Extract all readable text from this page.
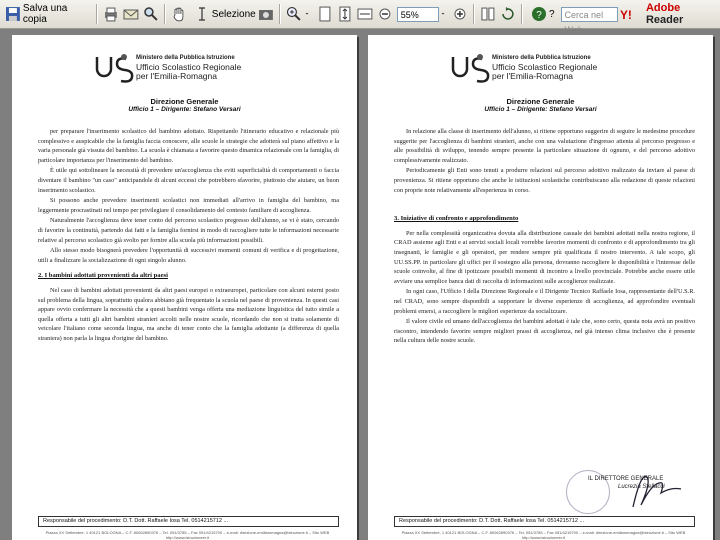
Salva una copia	Selezione	55%	? ?	Cerca nel	Y! Adobe Reader
Ministero della Pubblica Istruzione
Ufficio Scolastico Regionale
per l'Emilia-Romagna
Direzione Generale
Ufficio 1 – Dirigente: Stefano Versari

per preparare l'inserimento scolastico del bambino adottato. Rispettando l'itinerario educativo e relazionale più complessivo e auspicabile che la famiglia faccia conoscere, alle scuole le strategie che adotterà sul piano affettivo e la varia personale già vissuta del bambino. La scuola è chiamata a favorire questo dinamica relazionale con la famiglia, di particolare importanza per l'inserimento del bambino.

È utile qui sottolineare la necessità di prevedere un'accoglienza che eviti superficialità di comportamenti o faccia diventare il bambino "un caso" anticipandole di alcuni eccessi che potrebbero sfavorire, piuttosto che aiutare, un buon inserimento scolastico.

Si possono anche prevedere inserimenti scolastici non immediati all'arrivo in famiglia del bambino, ma leggermente procrastinati nel tempo per privilegiare il consolidamento del contesto familiare di accoglienza.

Naturalmente l'accoglienza deve tener conto del percorso scolastico pregresso dell'alunno, se vi è stato, cercando di favorire la continuità, partendo dai fatti e la famiglia fornirsi in modo di raccogliere tutte le informazioni necessarie relative al percorso scolastico già svolto per fornire alla scuola più informazioni possibili.

Allo stesso modo bisognerà prevedere l'opportunità di successivi momenti comuni di verifica e di progettazione, utili a finalizzare la socializzazione di ogni singolo alunno.

2. I bambini adottati provenienti da altri paesi

Nel caso di bambini adottati provenienti da altri paesi europei o extraeuropei, particolare con alcuni esterni posto sul problema della lingua, soprattutto qualora abbiano già frequentato la scuola nel paese di provenienza. In questi casi appare ovvio confermare la necessità che a questi bambini venga offerta una mediazione linguistica del tutto simile a quella offerta a tutti gli altri bambini stranieri accolti nelle nostre scuole, ricordando che non si tratta solamente di veicolare l'italiano come seconda lingua, ma anche di tener conto che la famiglia adottante (a differenza di quella straniera) non parla la lingua d'origine del bambino.

Responsabile del procedimento: D.T. Dott. Raffaele Iosa Tel. 0514215712 ...
Piazza XX Settembre, 1 40121 BOLOGNA – C.F. 80062890376 – Tel. 051/3785 – Fax 051/4215700 – e-mail: direzione-emiliaromagna@istruzione.it – Sito WEB http://www.istruzioneer.it
Ministero della Pubblica Istruzione
Ufficio Scolastico Regionale
per l'Emilia-Romagna
Direzione Generale
Ufficio 1 – Dirigente: Stefano Versari

In relazione alla classe di inserimento dell'alunno, si ritiene opportuno suggerire di seguire le medesime procedure suggerite per l'accoglienza di bambini stranieri, anche con una valutazione d'ingresso attenta al percorso pregresso e alle possibilità di sviluppo, tenendo sempre presente la particolare situazione di ognuno, e del percorso adottivo complessivamente realizzato.

Periodicamente gli Enti sono tenuti a produrre relazioni sul percorso adottivo realizzato da inviare al paese di provenienza. Si ritiene opportuno che anche le istituzioni scolastiche contribuiscano alla redazione di queste relazioni con proprie note relativamente all'esperienza in corso.

3. Iniziative di confronto e approfondimento

Per nella complessità organizzativa dovuta alla distribuzione casuale dei bambini adottati nella nostra regione, il CRAD assieme agli Enti e ai servizi sociali locali vorrebbe favorire momenti di confronto e di approfondimento tra gli insegnanti, le famiglie e gli operatori, per rendere sempre più qualificata il nostro intervento. A tale scopo, gli UU.SS.PP. in particolare gli uffici per il sostegno alla persona, dovranno raccogliere le disponibilità e l'interesse delle scuole coinvolte, al fine di ipotizzare possibili momenti di incontro a livello provinciale. Potrebbe anche essere utile avviare una semplice banca dati di raccolta di informazioni sulle accoglienze realizzate.

In ogni caso, l'Ufficio I della Direzione Regionale e il Dirigente Tecnico Raffaele Iosa, rappresentante dell'U.S.R. nel CRAD, sono sempre disponibili a supportare le diverse esperienze di accoglienza, ad approfondire eventuali problemi emersi, a raccogliere le migliori esperienze da socializzare.

Il valore civile ed umano dell'accoglienza dei bambini adottati è tale che, sono certo, questa nota avrà un positivo riscontro, intendendo favorire sempre migliori prassi di accoglienza, nel già intenso clima inclusivo che è presente nella cultura delle nostre scuole.

IL DIRETTORE GENERALE
Lucrezia Stellacci
Responsabile del procedimento: D.T. Dott. Raffaele Iosa Tel. 0514215712 ...
Piazza XX Settembre, 1 40121 BOLOGNA – C.F. 80062890376 – Tel. 051/3785 – Fax 051/4215700 – e-mail: direzione-emiliaromagna@istruzione.it – Sito WEB http://www.istruzioneer.it
